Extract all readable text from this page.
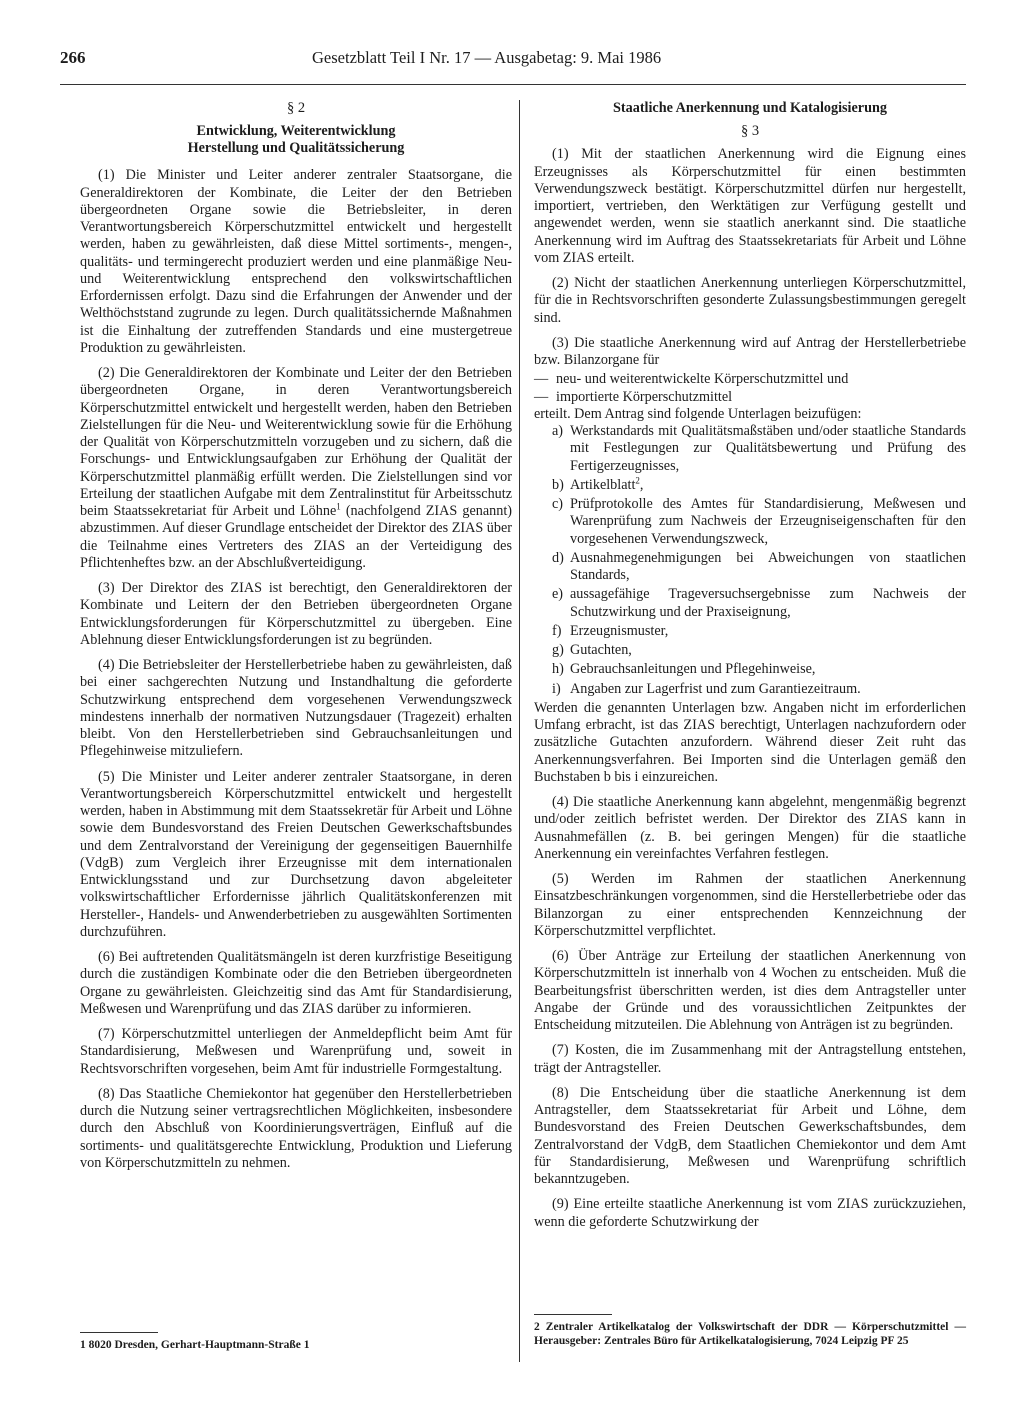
266	Gesetzblatt Teil I Nr. 17 — Ausgabetag: 9. Mai 1986
§ 2
Entwicklung, Weiterentwicklung
Herstellung und Qualitätssicherung

(1) Die Minister und Leiter anderer zentraler Staatsorgane, die Generaldirektoren der Kombinate, die Leiter der den Betrieben übergeordneten Organe sowie die Betriebsleiter, in deren Verantwortungsbereich Körperschutzmittel entwickelt und hergestellt werden, haben zu gewährleisten, daß diese Mittel sortiments-, mengen-, qualitäts- und termingerecht produziert werden und eine planmäßige Neu- und Weiterentwicklung entsprechend den volkswirtschaftlichen Erfordernissen erfolgt. Dazu sind die Erfahrungen der Anwender und der Welthöchststand zugrunde zu legen. Durch qualitätssichernde Maßnahmen ist die Einhaltung der zutreffenden Standards und eine mustergetreue Produktion zu gewährleisten.

(2) Die Generaldirektoren der Kombinate und Leiter der den Betrieben übergeordneten Organe, in deren Verantwortungsbereich Körperschutzmittel entwickelt und hergestellt werden, haben den Betrieben Zielstellungen für die Neu- und Weiterentwicklung sowie für die Erhöhung der Qualität von Körperschutzmitteln vorzugeben und zu sichern, daß die Forschungs- und Entwicklungsaufgaben zur Erhöhung der Qualität der Körperschutzmittel planmäßig erfüllt werden. Die Zielstellungen sind vor Erteilung der staatlichen Aufgabe mit dem Zentralinstitut für Arbeitsschutz beim Staatssekretariat für Arbeit und Löhne$^1$ (nachfolgend ZIAS genannt) abzustimmen. Auf dieser Grundlage entscheidet der Direktor des ZIAS über die Teilnahme eines Vertreters des ZIAS an der Verteidigung des Pflichtenheftes bzw. an der Abschlußverteidigung.

(3) Der Direktor des ZIAS ist berechtigt, den Generaldirektoren der Kombinate und Leitern der den Betrieben übergeordneten Organe Entwicklungsforderungen für Körperschutzmittel zu übergeben. Eine Ablehnung dieser Entwicklungsforderungen ist zu begründen.

(4) Die Betriebsleiter der Herstellerbetriebe haben zu gewährleisten, daß bei einer sachgerechten Nutzung und Instandhaltung die geforderte Schutzwirkung entsprechend dem vorgesehenen Verwendungszweck mindestens innerhalb der normativen Nutzungsdauer (Tragezeit) erhalten bleibt. Von den Herstellerbetrieben sind Gebrauchsanleitungen und Pflegehinweise mitzuliefern.

(5) Die Minister und Leiter anderer zentraler Staatsorgane, in deren Verantwortungsbereich Körperschutzmittel entwickelt und hergestellt werden, haben in Abstimmung mit dem Staatssekretär für Arbeit und Löhne sowie dem Bundesvorstand des Freien Deutschen Gewerkschaftsbundes und dem Zentralvorstand der Vereinigung der gegenseitigen Bauernhilfe (VdgB) zum Vergleich ihrer Erzeugnisse mit dem internationalen Entwicklungsstand und zur Durchsetzung davon abgeleiteter volkswirtschaftlicher Erfordernisse jährlich Qualitätskonferenzen mit Hersteller-, Handels- und Anwenderbetrieben zu ausgewählten Sortimenten durchzuführen.

(6) Bei auftretenden Qualitätsmängeln ist deren kurzfristige Beseitigung durch die zuständigen Kombinate oder die den Betrieben übergeordneten Organe zu gewährleisten. Gleichzeitig sind das Amt für Standardisierung, Meßwesen und Warenprüfung und das ZIAS darüber zu informieren.

(7) Körperschutzmittel unterliegen der Anmeldepflicht beim Amt für Standardisierung, Meßwesen und Warenprüfung und, soweit in Rechtsvorschriften vorgesehen, beim Amt für industrielle Formgestaltung.

(8) Das Staatliche Chemiekontor hat gegenüber den Herstellerbetrieben durch die Nutzung seiner vertragsrechtlichen Möglichkeiten, insbesondere durch den Abschluß von Koordinierungsverträgen, Einfluß auf die sortiments- und qualitätsgerechte Entwicklung, Produktion und Lieferung von Körperschutzmitteln zu nehmen.

1 8020 Dresden, Gerhart-Hauptmann-Straße 1
Staatliche Anerkennung und Katalogisierung
§ 3

(1) Mit der staatlichen Anerkennung wird die Eignung eines Erzeugnisses als Körperschutzmittel für einen bestimmten Verwendungszweck bestätigt. Körperschutzmittel dürfen nur hergestellt, importiert, vertrieben, den Werktätigen zur Verfügung gestellt und angewendet werden, wenn sie staatlich anerkannt sind. Die staatliche Anerkennung wird im Auftrag des Staatssekretariats für Arbeit und Löhne vom ZIAS erteilt.

(2) Nicht der staatlichen Anerkennung unterliegen Körperschutzmittel, für die in Rechtsvorschriften gesonderte Zulassungsbestimmungen geregelt sind.

(3) Die staatliche Anerkennung wird auf Antrag der Herstellerbetriebe bzw. Bilanzorgane für

— neu- und weiterentwickelte Körperschutzmittel und
— importierte Körperschutzmittel

erteilt. Dem Antrag sind folgende Unterlagen beizufügen:

a) Werkstandards mit Qualitätsmaßstäben und/oder staatliche Standards mit Festlegungen zur Qualitätsbewertung und Prüfung des Fertigerzeugnisses,
b) Artikelblatt$^2$,
c) Prüfprotokolle des Amtes für Standardisierung, Meßwesen und Warenprüfung zum Nachweis der Erzeugniseigenschaften für den vorgesehenen Verwendungszweck,
d) Ausnahmegenehmigungen bei Abweichungen von staatlichen Standards,
e) aussagefähige Trageversuchsergebnisse zum Nachweis der Schutzwirkung und der Praxiseignung,
f) Erzeugnismuster,
g) Gutachten,
h) Gebrauchsanleitungen und Pflegehinweise,
i) Angaben zur Lagerfrist und zum Garantiezeitraum.

Werden die genannten Unterlagen bzw. Angaben nicht im erforderlichen Umfang erbracht, ist das ZIAS berechtigt, Unterlagen nachzufordern oder zusätzliche Gutachten anzufordern. Während dieser Zeit ruht das Anerkennungsverfahren. Bei Importen sind die Unterlagen gemäß den Buchstaben b bis i einzureichen.

(4) Die staatliche Anerkennung kann abgelehnt, mengenmäßig begrenzt und/oder zeitlich befristet werden. Der Direktor des ZIAS kann in Ausnahmefällen (z. B. bei geringen Mengen) für die staatliche Anerkennung ein vereinfachtes Verfahren festlegen.

(5) Werden im Rahmen der staatlichen Anerkennung Einsatzbeschränkungen vorgenommen, sind die Herstellerbetriebe oder das Bilanzorgan zu einer entsprechenden Kennzeichnung der Körperschutzmittel verpflichtet.

(6) Über Anträge zur Erteilung der staatlichen Anerkennung von Körperschutzmitteln ist innerhalb von 4 Wochen zu entscheiden. Muß die Bearbeitungsfrist überschritten werden, ist dies dem Antragsteller unter Angabe der Gründe und des voraussichtlichen Zeitpunktes der Entscheidung mitzuteilen. Die Ablehnung von Anträgen ist zu begründen.

(7) Kosten, die im Zusammenhang mit der Antragstellung entstehen, trägt der Antragsteller.

(8) Die Entscheidung über die staatliche Anerkennung ist dem Antragsteller, dem Staatssekretariat für Arbeit und Löhne, dem Bundesvorstand des Freien Deutschen Gewerkschaftsbundes, dem Zentralvorstand der VdgB, dem Staatlichen Chemiekontor und dem Amt für Standardisierung, Meßwesen und Warenprüfung schriftlich bekanntzugeben.

(9) Eine erteilte staatliche Anerkennung ist vom ZIAS zurückzuziehen, wenn die geforderte Schutzwirkung der

2 Zentraler Artikelkatalog der Volkswirtschaft der DDR — Körperschutzmittel — Herausgeber: Zentrales Büro für Artikelkatalogisierung, 7024 Leipzig PF 25
